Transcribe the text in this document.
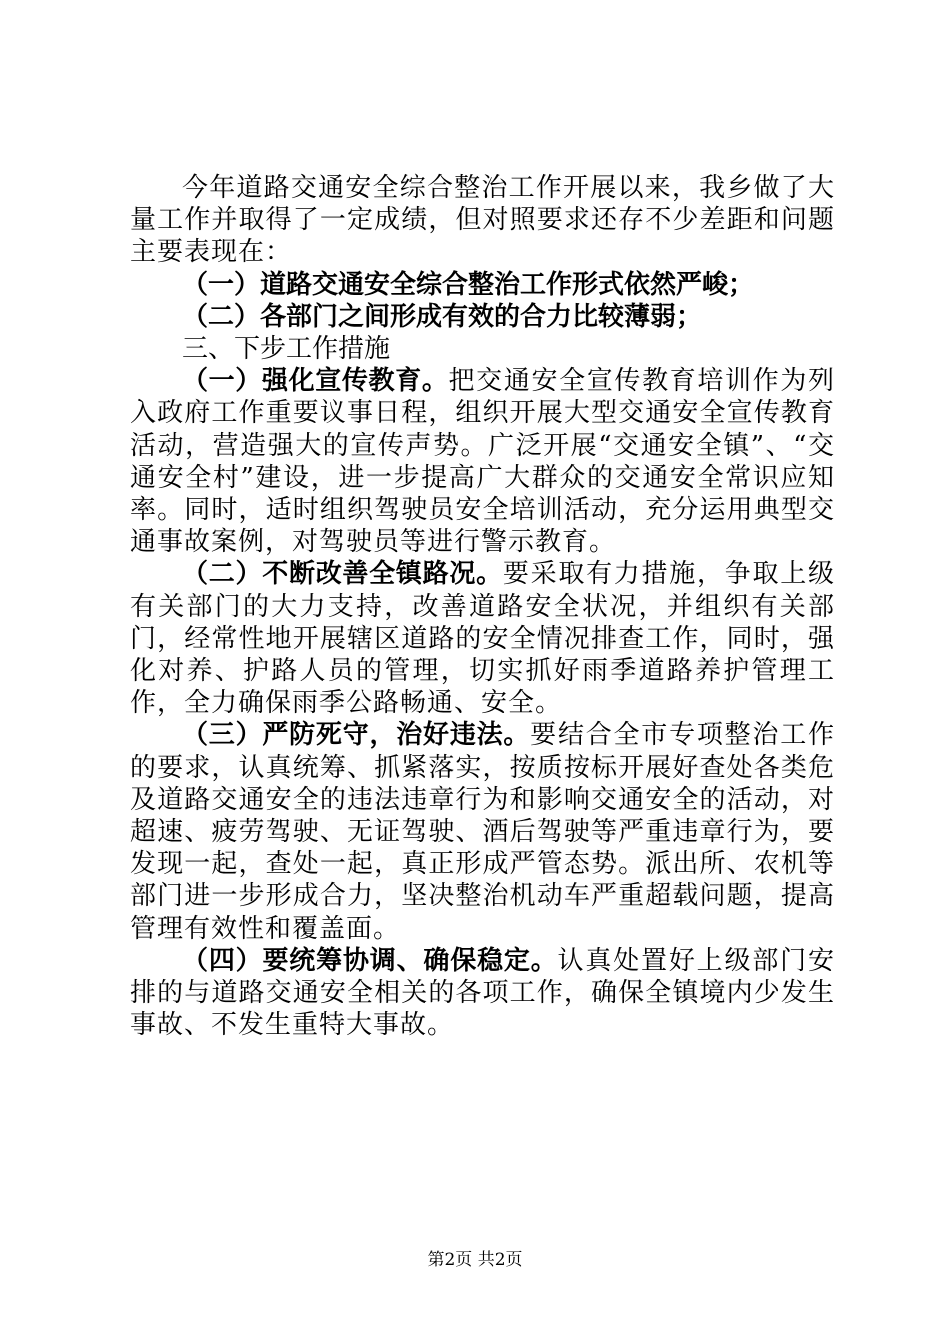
今年道路交通安全综合整治工作开展以来，我乡做了大量工作并取得了一定成绩，但对照要求还存不少差距和问题主要表现在：

（一）道路交通安全综合整治工作形式依然严峻；

（二）各部门之间形成有效的合力比较薄弱；

三、下步工作措施

（一）强化宣传教育。把交通安全宣传教育培训作为列入政府工作重要议事日程，组织开展大型交通安全宣传教育活动，营造强大的宣传声势。广泛开展“交通安全镇”、“交通安全村”建设，进一步提高广大群众的交通安全常识应知率。同时，适时组织驾驶员安全培训活动，充分运用典型交通事故案例，对驾驶员等进行警示教育。

（二）不断改善全镇路况。要采取有力措施，争取上级有关部门的大力支持，改善道路安全状况，并组织有关部门，经常性地开展辖区道路的安全情况排查工作，同时，强化对养、护路人员的管理，切实抓好雨季道路养护管理工作，全力确保雨季公路畅通、安全。

（三）严防死守，治好违法。要结合全市专项整治工作的要求，认真统筹、抓紧落实，按质按标开展好查处各类危及道路交通安全的违法违章行为和影响交通安全的活动，对超速、疲劳驾驶、无证驾驶、酒后驾驶等严重违章行为，要发现一起，查处一起，真正形成严管态势。派出所、农机等部门进一步形成合力，坚决整治机动车严重超载问题，提高管理有效性和覆盖面。

（四）要统筹协调、确保稳定。认真处置好上级部门安排的与道路交通安全相关的各项工作，确保全镇境内少发生事故、不发生重特大事故。

第2页 共2页
